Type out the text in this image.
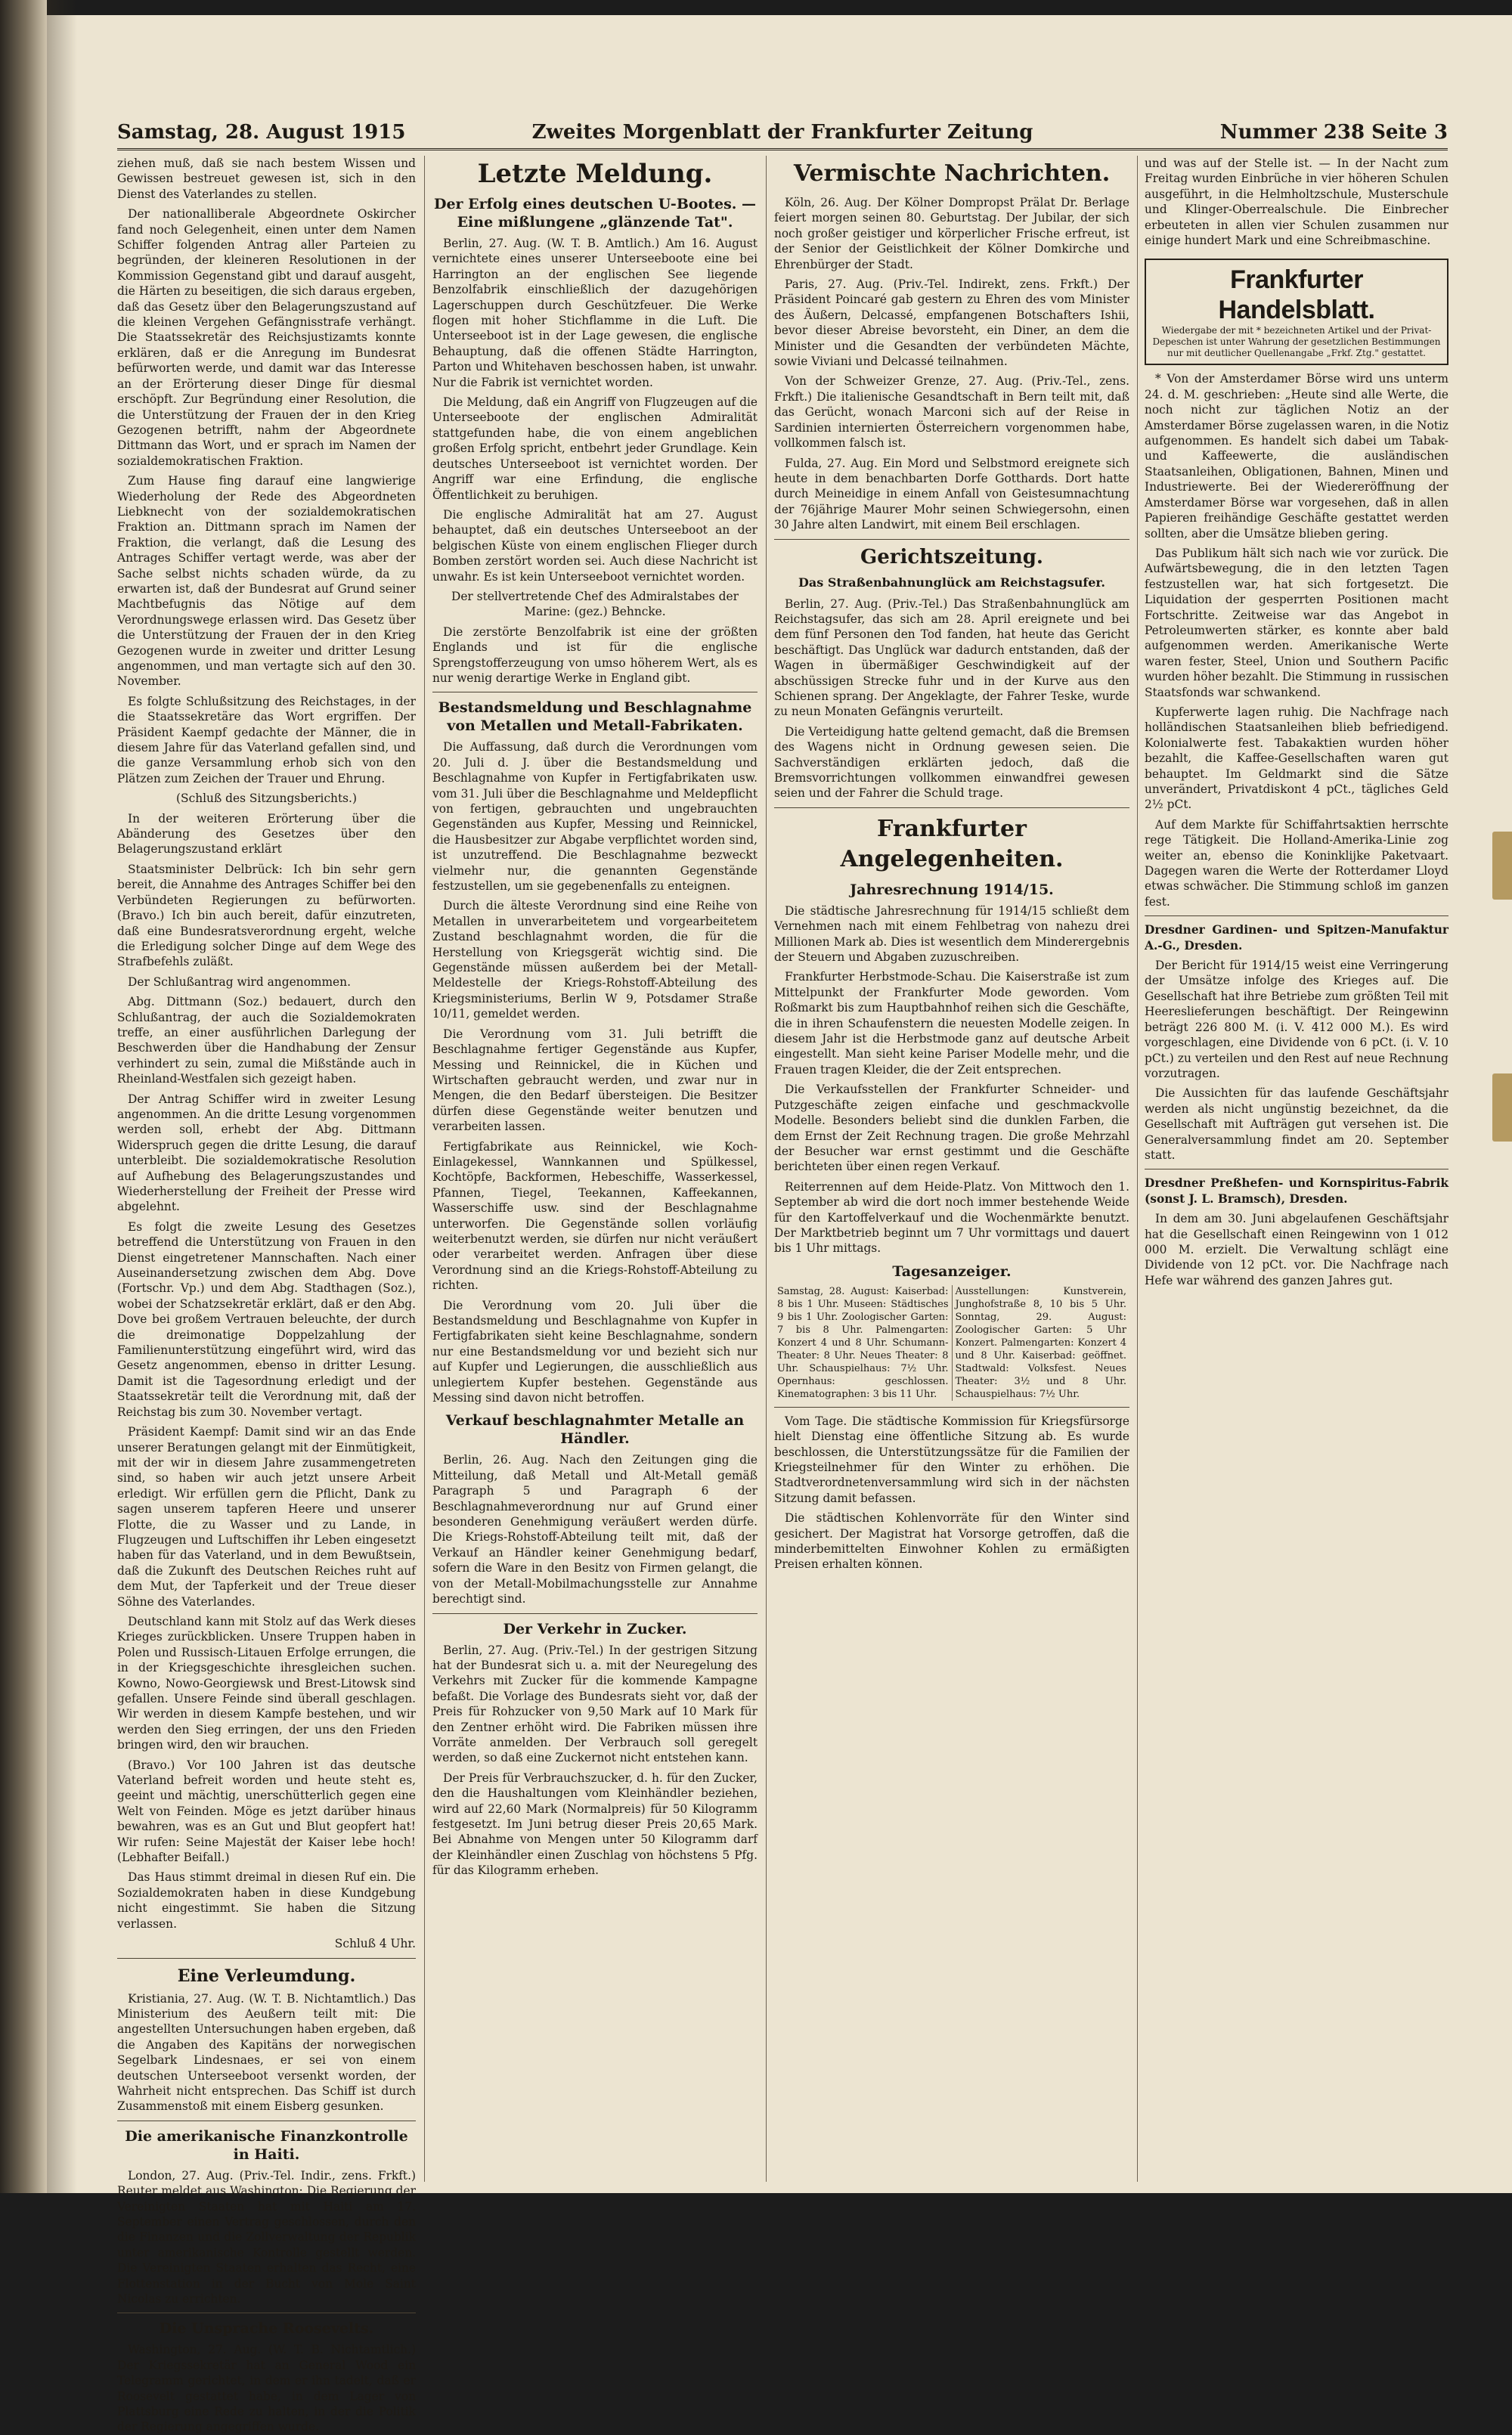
Samstag, 28. August 1915	Zweites Morgenblatt der Frankfurter Zeitung	Nummer 238 Seite 3

ziehen muß, daß sie nach bestem Wissen und Gewissen bestreuet gewesen ist, sich in den Dienst des Vaterlandes zu stellen.

Der nationalliberale Abgeordnete Oskircher fand noch Gelegenheit, einen unter dem Namen Schiffer folgenden Antrag aller Parteien zu begründen, der kleineren Resolutionen in der Kommission Gegenstand gibt und darauf ausgeht, die Härten zu beseitigen, die sich daraus ergeben, daß das Gesetz über den Belagerungszustand auf die kleinen Vergehen Gefängnisstrafe verhängt. Die Staatssekretär des Reichsjustizamts konnte erklären, daß er die Anregung im Bundesrat befürworten werde, und damit war das Interesse an der Erörterung dieser Dinge für diesmal erschöpft. Zur Begründung einer Resolution, die die Unterstützung der Frauen der in den Krieg Gezogenen betrifft, nahm der Abgeordnete Dittmann das Wort, und er sprach im Namen der sozialdemokratischen Fraktion.

Zum Hause fing darauf eine langwierige Wiederholung der Rede des Abgeordneten Liebknecht von der sozialdemokratischen Fraktion an. Dittmann sprach im Namen der Fraktion, die verlangt, daß die Lesung des Antrages Schiffer vertagt werde, was aber der Sache selbst nichts schaden würde, da zu erwarten ist, daß der Bundesrat auf Grund seiner Machtbefugnis das Nötige auf dem Verordnungswege erlassen wird. Das Gesetz über die Unterstützung der Frauen der in den Krieg Gezogenen wurde in zweiter und dritter Lesung angenommen, und man vertagte sich auf den 30. November.

Es folgte Schlußsitzung des Reichstages, in der die Staatssekretäre das Wort ergriffen. Der Präsident Kaempf gedachte der Männer, die in diesem Jahre für das Vaterland gefallen sind, und die ganze Versammlung erhob sich von den Plätzen zum Zeichen der Trauer und Ehrung.

(Schluß des Sitzungsberichts.)

In der weiteren Erörterung über die Abänderung des Gesetzes über den Belagerungszustand erklärt

Staatsminister Delbrück: Ich bin sehr gern bereit, die Annahme des Antrages Schiffer bei den Verbündeten Regierungen zu befürworten. (Bravo.) Ich bin auch bereit, dafür einzutreten, daß eine Bundesratsverordnung ergeht, welche die Erledigung solcher Dinge auf dem Wege des Strafbefehls zuläßt.

Der Schlußantrag wird angenommen.

Abg. Dittmann (Soz.) bedauert, durch den Schlußantrag, der auch die Sozialdemokraten treffe, an einer ausführlichen Darlegung der Beschwerden über die Handhabung der Zensur verhindert zu sein, zumal die Mißstände auch in Rheinland-Westfalen sich gezeigt haben.

Der Antrag Schiffer wird in zweiter Lesung angenommen. An die dritte Lesung vorgenommen werden soll, erhebt der Abg. Dittmann Widerspruch gegen die dritte Lesung, die darauf unterbleibt. Die sozialdemokratische Resolution auf Aufhebung des Belagerungszustandes und Wiederherstellung der Freiheit der Presse wird abgelehnt.

Es folgt die zweite Lesung des Gesetzes betreffend die Unterstützung von Frauen in den Dienst eingetretener Mannschaften. Nach einer Auseinandersetzung zwischen dem Abg. Dove (Fortschr. Vp.) und dem Abg. Stadthagen (Soz.), wobei der Schatzsekretär erklärt, daß er den Abg. Dove bei großem Vertrauen beleuchte, der durch die dreimonatige Doppelzahlung der Familienunterstützung eingeführt wird, wird das Gesetz angenommen, ebenso in dritter Lesung. Damit ist die Tagesordnung erledigt und der Staatssekretär teilt die Verordnung mit, daß der Reichstag bis zum 30. November vertagt.

Präsident Kaempf: Damit sind wir an das Ende unserer Beratungen gelangt mit der Einmütigkeit, mit der wir in diesem Jahre zusammengetreten sind, so haben wir auch jetzt unsere Arbeit erledigt. Wir erfüllen gern die Pflicht, Dank zu sagen unserem tapferen Heere und unserer Flotte, die zu Wasser und zu Lande, in Flugzeugen und Luftschiffen ihr Leben eingesetzt haben für das Vaterland, und in dem Bewußtsein, daß die Zukunft des Deutschen Reiches ruht auf dem Mut, der Tapferkeit und der Treue dieser Söhne des Vaterlandes.

Deutschland kann mit Stolz auf das Werk dieses Krieges zurückblicken. Unsere Truppen haben in Polen und Russisch-Litauen Erfolge errungen, die in der Kriegsgeschichte ihresgleichen suchen. Kowno, Nowo-Georgiewsk und Brest-Litowsk sind gefallen. Unsere Feinde sind überall geschlagen. Wir werden in diesem Kampfe bestehen, und wir werden den Sieg erringen, der uns den Frieden bringen wird, den wir brauchen.

(Bravo.) Vor 100 Jahren ist das deutsche Vaterland befreit worden und heute steht es, geeint und mächtig, unerschütterlich gegen eine Welt von Feinden. Möge es jetzt darüber hinaus bewahren, was es an Gut und Blut geopfert hat! Wir rufen: Seine Majestät der Kaiser lebe hoch! (Lebhafter Beifall.)

Das Haus stimmt dreimal in diesen Ruf ein. Die Sozialdemokraten haben in diese Kundgebung nicht eingestimmt. Sie haben die Sitzung verlassen.

Schluß 4 Uhr.

Eine Verleumdung.

Kristiania, 27. Aug. (W. T. B. Nichtamtlich.) Das Ministerium des Aeußern teilt mit: Die angestellten Untersuchungen haben ergeben, daß die Angaben des Kapitäns der norwegischen Segelbark Lindesnaes, er sei von einem deutschen Unterseeboot versenkt worden, der Wahrheit nicht entsprechen. Das Schiff ist durch Zusammenstoß mit einem Eisberg gesunken.

Die amerikanische Finanzkontrolle in Haiti.

London, 27. Aug. (Priv.-Tel. Indir., zens. Frkft.) Reuter meldet aus Washington: Die Regierung der Vereinigten Staaten hat mit Haiti am 17. September einen Vertrag geschlossen, durch den die Finanzen und die Zollverwaltung der Republik unter amerikanische Kontrolle gestellt werden. Die Vereinigten Staaten erhalten das Recht, eine Flottenstation in der Bucht von Mole Saint Nicolas zu errichten.

Die Unsprache Roosevelts.

Washington, 27. Aug. (W. T. B. Nichtamtlich.) Der Kriegssekretär hat an General Wood ein Telegramm gerichtet, in dem er ihn tadelt, daß er Roosevelt gestattet habe, in dem Lager von Plattsburg eine Rede zu halten, in der die Politik der Regierung angegriffen wurde.

Letzte Meldung.
Der Erfolg eines deutschen U-Bootes. — Eine mißlungene „glänzende Tat".

Berlin, 27. Aug. (W. T. B. Amtlich.) Am 16. August vernichtete eines unserer Unterseeboote eine bei Harrington an der englischen See liegende Benzolfabrik einschließlich der dazugehörigen Lagerschuppen durch Geschützfeuer. Die Werke flogen mit hoher Stichflamme in die Luft. Die Unterseeboot ist in der Lage gewesen, die englische Behauptung, daß die offenen Städte Harrington, Parton und Whitehaven beschossen haben, ist unwahr. Nur die Fabrik ist vernichtet worden.

Die Meldung, daß ein Angriff von Flugzeugen auf die Unterseeboote der englischen Admiralität stattgefunden habe, die von einem angeblichen großen Erfolg spricht, entbehrt jeder Grundlage. Kein deutsches Unterseeboot ist vernichtet worden. Der Angriff war eine Erfindung, die englische Öffentlichkeit zu beruhigen.

Die englische Admiralität hat am 27. August behauptet, daß ein deutsches Unterseeboot an der belgischen Küste von einem englischen Flieger durch Bomben zerstört worden sei. Auch diese Nachricht ist unwahr. Es ist kein Unterseeboot vernichtet worden.

Der stellvertretende Chef des Admiralstabes der Marine: (gez.) Behncke.

Die zerstörte Benzolfabrik ist eine der größten Englands und ist für die englische Sprengstofferzeugung von umso höherem Wert, als es nur wenig derartige Werke in England gibt.

Bestandsmeldung und Beschlagnahme von Metallen und Metall-Fabrikaten.

Die Auffassung, daß durch die Verordnungen vom 20. Juli d. J. über die Bestandsmeldung und Beschlagnahme von Kupfer in Fertigfabrikaten usw. vom 31. Juli über die Beschlagnahme und Meldepflicht von fertigen, gebrauchten und ungebrauchten Gegenständen aus Kupfer, Messing und Reinnickel, die Hausbesitzer zur Abgabe verpflichtet worden sind, ist unzutreffend. Die Beschlagnahme bezweckt vielmehr nur, die genannten Gegenstände festzustellen, um sie gegebenenfalls zu enteignen.

Durch die älteste Verordnung sind eine Reihe von Metallen in unverarbeitetem und vorgearbeitetem Zustand beschlagnahmt worden, die für die Herstellung von Kriegsgerät wichtig sind. Die Gegenstände müssen außerdem bei der Metall-Meldestelle der Kriegs-Rohstoff-Abteilung des Kriegsministeriums, Berlin W 9, Potsdamer Straße 10/11, gemeldet werden.

Die Verordnung vom 31. Juli betrifft die Beschlagnahme fertiger Gegenstände aus Kupfer, Messing und Reinnickel, die in Küchen und Wirtschaften gebraucht werden, und zwar nur in Mengen, die den Bedarf übersteigen. Die Besitzer dürfen diese Gegenstände weiter benutzen und verarbeiten lassen.

Fertigfabrikate aus Reinnickel, wie Koch-Einlagekessel, Wannkannen und Spülkessel, Kochtöpfe, Backformen, Hebeschiffe, Wasserkessel, Pfannen, Tiegel, Teekannen, Kaffeekannen, Wasserschiffe usw. sind der Beschlagnahme unterworfen. Die Gegenstände sollen vorläufig weiterbenutzt werden, sie dürfen nur nicht veräußert oder verarbeitet werden. Anfragen über diese Verordnung sind an die Kriegs-Rohstoff-Abteilung zu richten.

Die Verordnung vom 20. Juli über die Bestandsmeldung und Beschlagnahme von Kupfer in Fertigfabrikaten sieht keine Beschlagnahme, sondern nur eine Bestandsmeldung vor und bezieht sich nur auf Kupfer und Legierungen, die ausschließlich aus unlegiertem Kupfer bestehen. Gegenstände aus Messing sind davon nicht betroffen.

Verkauf beschlagnahmter Metalle an Händler.

Berlin, 26. Aug. Nach den Zeitungen ging die Mitteilung, daß Metall und Alt-Metall gemäß Paragraph 5 und Paragraph 6 der Beschlagnahmeverordnung nur auf Grund einer besonderen Genehmigung veräußert werden dürfe. Die Kriegs-Rohstoff-Abteilung teilt mit, daß der Verkauf an Händler keiner Genehmigung bedarf, sofern die Ware in den Besitz von Firmen gelangt, die von der Metall-Mobilmachungsstelle zur Annahme berechtigt sind.

Der Verkehr in Zucker.

Berlin, 27. Aug. (Priv.-Tel.) In der gestrigen Sitzung hat der Bundesrat sich u. a. mit der Neuregelung des Verkehrs mit Zucker für die kommende Kampagne befaßt. Die Vorlage des Bundesrats sieht vor, daß der Preis für Rohzucker von 9,50 Mark auf 10 Mark für den Zentner erhöht wird. Die Fabriken müssen ihre Vorräte anmelden. Der Verbrauch soll geregelt werden, so daß eine Zuckernot nicht entstehen kann.

Der Preis für Verbrauchszucker, d. h. für den Zucker, den die Haushaltungen vom Kleinhändler beziehen, wird auf 22,60 Mark (Normalpreis) für 50 Kilogramm festgesetzt. Im Juni betrug dieser Preis 20,65 Mark. Bei Abnahme von Mengen unter 50 Kilogramm darf der Kleinhändler einen Zuschlag von höchstens 5 Pfg. für das Kilogramm erheben.

Vermischte Nachrichten.

Köln, 26. Aug. Der Kölner Dompropst Prälat Dr. Berlage feiert morgen seinen 80. Geburtstag. Der Jubilar, der sich noch großer geistiger und körperlicher Frische erfreut, ist der Senior der Geistlichkeit der Kölner Domkirche und Ehrenbürger der Stadt.

Paris, 27. Aug. (Priv.-Tel. Indirekt, zens. Frkft.) Der Präsident Poincaré gab gestern zu Ehren des vom Minister des Äußern, Delcassé, empfangenen Botschafters Ishii, bevor dieser Abreise bevorsteht, ein Diner, an dem die Minister und die Gesandten der verbündeten Mächte, sowie Viviani und Delcassé teilnahmen.

Von der Schweizer Grenze, 27. Aug. (Priv.-Tel., zens. Frkft.) Die italienische Gesandtschaft in Bern teilt mit, daß das Gerücht, wonach Marconi sich auf der Reise in Sardinien internierten Österreichern vorgenommen habe, vollkommen falsch ist.

Fulda, 27. Aug. Ein Mord und Selbstmord ereignete sich heute in dem benachbarten Dorfe Gotthards. Dort hatte durch Meineidige in einem Anfall von Geistesumnachtung der 76jährige Maurer Mohr seinen Schwiegersohn, einen 30 Jahre alten Landwirt, mit einem Beil erschlagen.

Gerichtszeitung.
Das Straßenbahnunglück am Reichstagsufer.

Berlin, 27. Aug. (Priv.-Tel.) Das Straßenbahnunglück am Reichstagsufer, das sich am 28. April ereignete und bei dem fünf Personen den Tod fanden, hat heute das Gericht beschäftigt. Das Unglück war dadurch entstanden, daß der Wagen in übermäßiger Geschwindigkeit auf der abschüssigen Strecke fuhr und in der Kurve aus den Schienen sprang. Der Angeklagte, der Fahrer Teske, wurde zu neun Monaten Gefängnis verurteilt.

Die Verteidigung hatte geltend gemacht, daß die Bremsen des Wagens nicht in Ordnung gewesen seien. Die Sachverständigen erklärten jedoch, daß die Bremsvorrichtungen vollkommen einwandfrei gewesen seien und der Fahrer die Schuld trage.

Frankfurter Angelegenheiten.
Jahresrechnung 1914/15.

Die städtische Jahresrechnung für 1914/15 schließt dem Vernehmen nach mit einem Fehlbetrag von nahezu drei Millionen Mark ab. Dies ist wesentlich dem Minderergebnis der Steuern und Abgaben zuzuschreiben.

Frankfurter Herbstmode-Schau. Die Kaiserstraße ist zum Mittelpunkt der Frankfurter Mode geworden. Vom Roßmarkt bis zum Hauptbahnhof reihen sich die Geschäfte, die in ihren Schaufenstern die neuesten Modelle zeigen. In diesem Jahr ist die Herbstmode ganz auf deutsche Arbeit eingestellt. Man sieht keine Pariser Modelle mehr, und die Frauen tragen Kleider, die der Zeit entsprechen.

Die Verkaufsstellen der Frankfurter Schneider- und Putzgeschäfte zeigen einfache und geschmackvolle Modelle. Besonders beliebt sind die dunklen Farben, die dem Ernst der Zeit Rechnung tragen. Die große Mehrzahl der Besucher war ernst gestimmt und die Geschäfte berichteten über einen regen Verkauf.

Reiterrennen auf dem Heide-Platz. Von Mittwoch den 1. September ab wird die dort noch immer bestehende Weide für den Kartoffelverkauf und die Wochenmärkte benutzt. Der Marktbetrieb beginnt um 7 Uhr vormittags und dauert bis 1 Uhr mittags.

Tagesanzeiger.
Samstag, 28. August: Kaiserbad: 8 bis 1 Uhr. Museen: Städtisches 9 bis 1 Uhr. Zoologischer Garten: 7 bis 8 Uhr. Palmengarten: Konzert 4 und 8 Uhr. Schumann-Theater: 8 Uhr. Neues Theater: 8 Uhr. Schauspielhaus: 7½ Uhr. Opernhaus: geschlossen. Kinematographen: 3 bis 11 Uhr.
Ausstellungen: Kunstverein, Junghofstraße 8, 10 bis 5 Uhr. Sonntag, 29. August: Zoologischer Garten: 5 Uhr Konzert. Palmengarten: Konzert 4 und 8 Uhr. Kaiserbad: geöffnet. Stadtwald: Volksfest. Neues Theater: 3½ und 8 Uhr. Schauspielhaus: 7½ Uhr.

Vom Tage. Die städtische Kommission für Kriegsfürsorge hielt Dienstag eine öffentliche Sitzung ab. Es wurde beschlossen, die Unterstützungssätze für die Familien der Kriegsteilnehmer für den Winter zu erhöhen. Die Stadtverordnetenversammlung wird sich in der nächsten Sitzung damit befassen.

Die städtischen Kohlenvorräte für den Winter sind gesichert. Der Magistrat hat Vorsorge getroffen, daß die minderbemittelten Einwohner Kohlen zu ermäßigten Preisen erhalten können.

und was auf der Stelle ist. — In der Nacht zum Freitag wurden Einbrüche in vier höheren Schulen ausgeführt, in die Helmholtzschule, Musterschule und Klinger-Oberrealschule. Die Einbrecher erbeuteten in allen vier Schulen zusammen nur einige hundert Mark und eine Schreibmaschine.

Frankfurter Handelsblatt.
Wiedergabe der mit * bezeichneten Artikel und der Privat-Depeschen ist unter Wahrung der gesetzlichen Bestimmungen nur mit deutlicher Quellenangabe „Frkf. Ztg." gestattet.

* Von der Amsterdamer Börse wird uns unterm 24. d. M. geschrieben: „Heute sind alle Werte, die noch nicht zur täglichen Notiz an der Amsterdamer Börse zugelassen waren, in die Notiz aufgenommen. Es handelt sich dabei um Tabak- und Kaffeewerte, die ausländischen Staatsanleihen, Obligationen, Bahnen, Minen und Industriewerte. Bei der Wiedereröffnung der Amsterdamer Börse war vorgesehen, daß in allen Papieren freihändige Geschäfte gestattet werden sollten, aber die Umsätze blieben gering.

Das Publikum hält sich nach wie vor zurück. Die Aufwärtsbewegung, die in den letzten Tagen festzustellen war, hat sich fortgesetzt. Die Liquidation der gesperrten Positionen macht Fortschritte. Zeitweise war das Angebot in Petroleumwerten stärker, es konnte aber bald aufgenommen werden. Amerikanische Werte waren fester, Steel, Union und Southern Pacific wurden höher bezahlt. Die Stimmung in russischen Staatsfonds war schwankend.

Kupferwerte lagen ruhig. Die Nachfrage nach holländischen Staatsanleihen blieb befriedigend. Kolonialwerte fest. Tabakaktien wurden höher bezahlt, die Kaffee-Gesellschaften waren gut behauptet. Im Geldmarkt sind die Sätze unverändert, Privatdiskont 4 pCt., tägliches Geld 2½ pCt.

Auf dem Markte für Schiffahrtsaktien herrschte rege Tätigkeit. Die Holland-Amerika-Linie zog weiter an, ebenso die Koninklijke Paketvaart. Dagegen waren die Werte der Rotterdamer Lloyd etwas schwächer. Die Stimmung schloß im ganzen fest.

Dresdner Gardinen- und Spitzen-Manufaktur A.-G., Dresden.

Der Bericht für 1914/15 weist eine Verringerung der Umsätze infolge des Krieges auf. Die Gesellschaft hat ihre Betriebe zum größten Teil mit Heereslieferungen beschäftigt. Der Reingewinn beträgt 226 800 M. (i. V. 412 000 M.). Es wird vorgeschlagen, eine Dividende von 6 pCt. (i. V. 10 pCt.) zu verteilen und den Rest auf neue Rechnung vorzutragen.

Die Aussichten für das laufende Geschäftsjahr werden als nicht ungünstig bezeichnet, da die Gesellschaft mit Aufträgen gut versehen ist. Die Generalversammlung findet am 20. September statt.

Dresdner Preßhefen- und Kornspiritus-Fabrik (sonst J. L. Bramsch), Dresden.

In dem am 30. Juni abgelaufenen Geschäftsjahr hat die Gesellschaft einen Reingewinn von 1 012 000 M. erzielt. Die Verwaltung schlägt eine Dividende von 12 pCt. vor. Die Nachfrage nach Hefe war während des ganzen Jahres gut.
